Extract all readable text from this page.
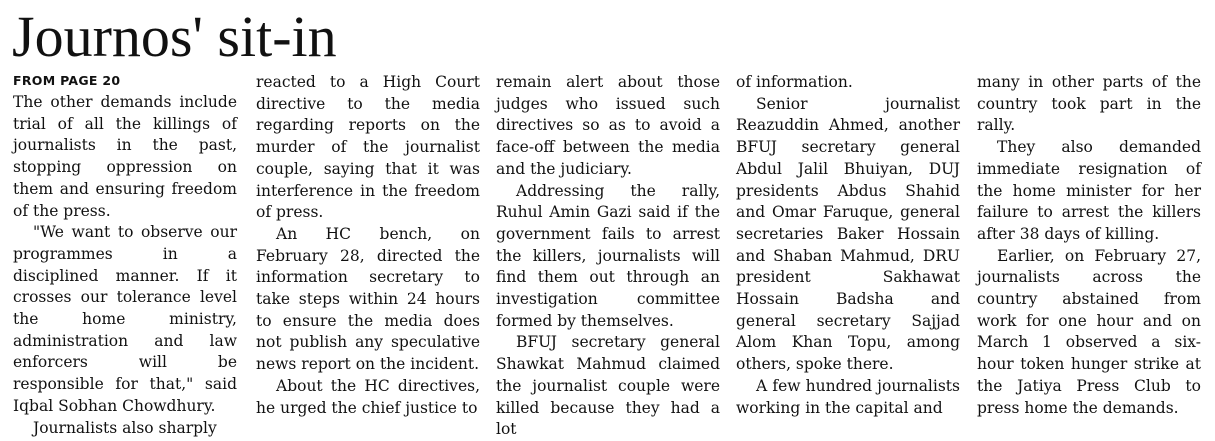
Journos' sit-in
FROM PAGE 20

The other demands include trial of all the killings of journalists in the past, stopping oppression on them and ensuring freedom of the press.

"We want to observe our programmes in a disciplined manner. If it crosses our tolerance level the home ministry, administration and law enforcers will be responsible for that," said Iqbal Sobhan Chowdhury.

Journalists also sharply

reacted to a High Court directive to the media regarding reports on the murder of the journalist couple, saying that it was interference in the freedom of press.

An HC bench, on February 28, directed the information secretary to take steps within 24 hours to ensure the media does not publish any speculative news report on the incident.

About the HC directives, he urged the chief justice to

remain alert about those judges who issued such directives so as to avoid a face-off between the media and the judiciary.

Addressing the rally, Ruhul Amin Gazi said if the government fails to arrest the killers, journalists will find them out through an investigation committee formed by themselves.

BFUJ secretary general Shawkat Mahmud claimed the journalist couple were killed because they had a lot

of information.

Senior journalist Reazuddin Ahmed, another BFUJ secretary general Abdul Jalil Bhuiyan, DUJ presidents Abdus Shahid and Omar Faruque, general secretaries Baker Hossain and Shaban Mahmud, DRU president Sakhawat Hossain Badsha and general secretary Sajjad Alom Khan Topu, among others, spoke there.

A few hundred journalists working in the capital and

many in other parts of the country took part in the rally.

They also demanded immediate resignation of the home minister for her failure to arrest the killers after 38 days of killing.

Earlier, on February 27, journalists across the country abstained from work for one hour and on March 1 observed a six-hour token hunger strike at the Jatiya Press Club to press home the demands.
